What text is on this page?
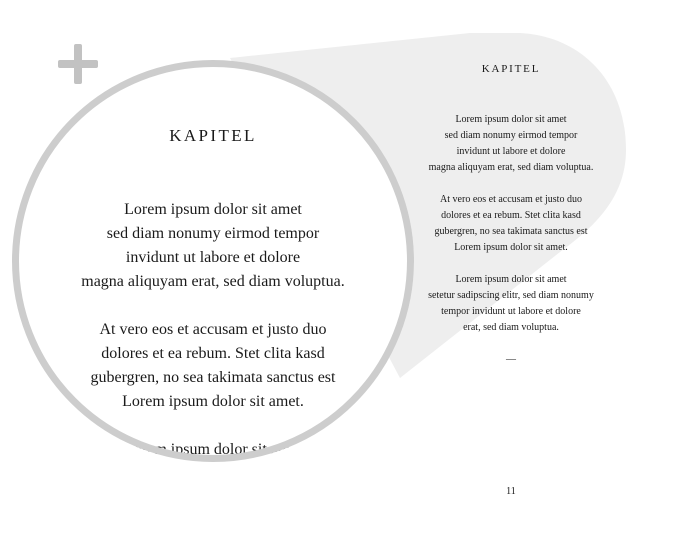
KAPITEL

Lorem ipsum dolor sit amet
sed diam nonumy eirmod tempor
invidunt ut labore et dolore
magna aliquyam erat, sed diam voluptua.

At vero eos et accusam et justo duo
dolores et ea rebum. Stet clita kasd
gubergren, no sea takimata sanctus est
Lorem ipsum dolor sit amet.

Lorem ipsum dolor sit amet
setetur sadipscing elitr, sed diam nonumy
tempor invidunt ut labore et dolore
erat, sed diam voluptua.

—
11
KAPITEL

Lorem ipsum dolor sit amet
sed diam nonumy eirmod tempor
invidunt ut labore et dolore
magna aliquyam erat, sed diam voluptua.

At vero eos et accusam et justo duo
dolores et ea rebum. Stet clita kasd
gubergren, no sea takimata sanctus est
Lorem ipsum dolor sit amet.

Lorem ipsum dolor sit amet
